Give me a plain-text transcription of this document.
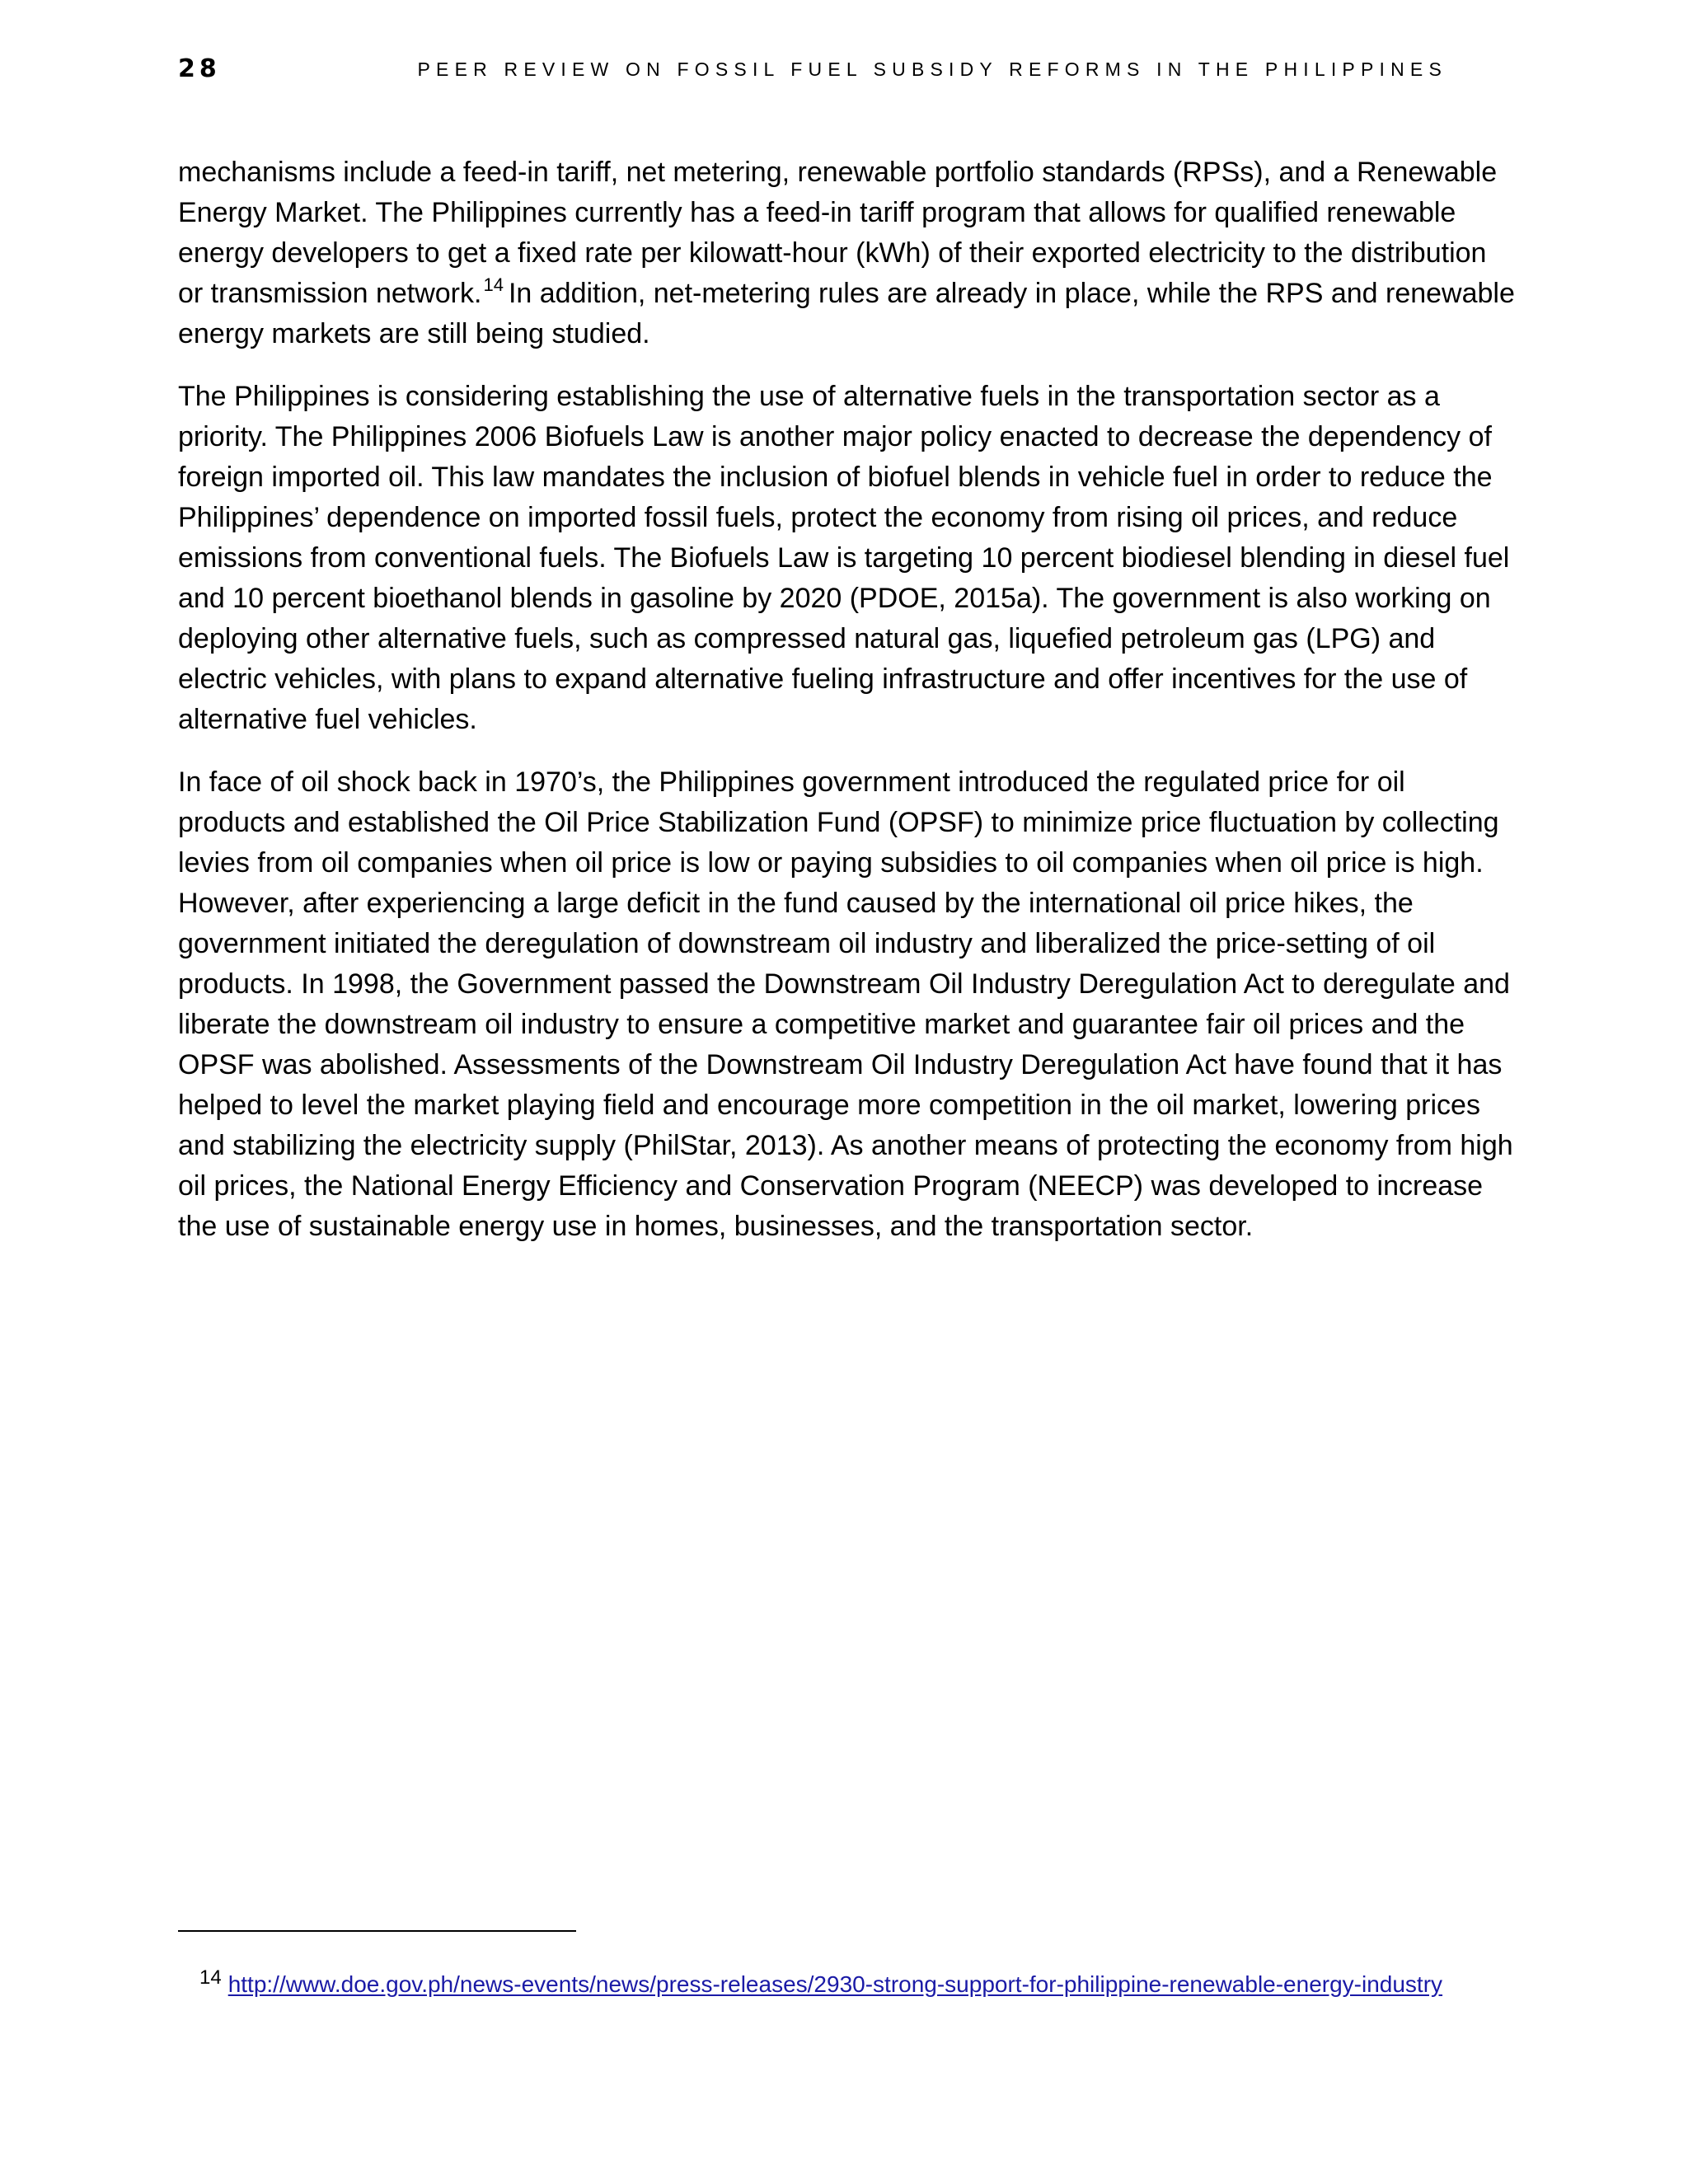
28	PEER REVIEW ON FOSSIL FUEL SUBSIDY REFORMS IN THE PHILIPPINES

mechanisms include a feed-in tariff, net metering, renewable portfolio standards (RPSs), and a Renewable Energy Market. The Philippines currently has a feed-in tariff program that allows for qualified renewable energy developers to get a fixed rate per kilowatt-hour (kWh) of their exported electricity to the distribution or transmission network.$^{14}$ In addition, net-metering rules are already in place, while the RPS and renewable energy markets are still being studied.

The Philippines is considering establishing the use of alternative fuels in the transportation sector as a priority. The Philippines 2006 Biofuels Law is another major policy enacted to decrease the dependency of foreign imported oil. This law mandates the inclusion of biofuel blends in vehicle fuel in order to reduce the Philippines’ dependence on imported fossil fuels, protect the economy from rising oil prices, and reduce emissions from conventional fuels. The Biofuels Law is targeting 10 percent biodiesel blending in diesel fuel and 10 percent bioethanol blends in gasoline by 2020 (PDOE, 2015a). The government is also working on deploying other alternative fuels, such as compressed natural gas, liquefied petroleum gas (LPG) and electric vehicles, with plans to expand alternative fueling infrastructure and offer incentives for the use of alternative fuel vehicles.

In face of oil shock back in 1970’s, the Philippines government introduced the regulated price for oil products and established the Oil Price Stabilization Fund (OPSF) to minimize price fluctuation by collecting levies from oil companies when oil price is low or paying subsidies to oil companies when oil price is high. However, after experiencing a large deficit in the fund caused by the international oil price hikes, the government initiated the deregulation of downstream oil industry and liberalized the price-setting of oil products. In 1998, the Government passed the Downstream Oil Industry Deregulation Act to deregulate and liberate the downstream oil industry to ensure a competitive market and guarantee fair oil prices and the OPSF was abolished. Assessments of the Downstream Oil Industry Deregulation Act have found that it has helped to level the market playing field and encourage more competition in the oil market, lowering prices and stabilizing the electricity supply (PhilStar, 2013). As another means of protecting the economy from high oil prices, the National Energy Efficiency and Conservation Program (NEECP) was developed to increase the use of sustainable energy use in homes, businesses, and the transportation sector.

$^{14}$ http://www.doe.gov.ph/news-events/news/press-releases/2930-strong-support-for-philippine-renewable-energy-industry
